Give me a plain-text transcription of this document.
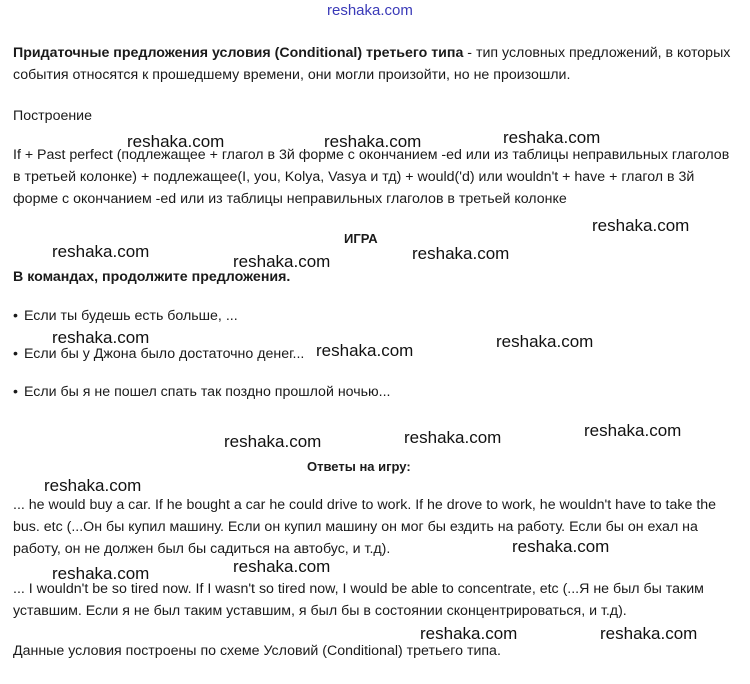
reshaka.com

Придаточные предложения условия (Conditional) третьего типа - тип условных предложений, в которых события относятся к прошедшему времени, они могли произойти, но не произошли.

Построение

If + Past perfect (подлежащее + глагол в 3й форме с окончанием -ed или из таблицы неправильных глаголов в третьей колонке) + подлежащее(I, you, Kolya, Vasya и тд) + would('d) или wouldn't + have + глагол в 3й форме с окончанием -ed или из таблицы неправильных глаголов в третьей колонке

ИГРА

В командах, продолжите предложения.

• Если ты будешь есть больше, ...

• Если бы у Джона было достаточно денег...

• Если бы я не пошел спать так поздно прошлой ночью...

Ответы на игру:

... he would buy a car. If he bought a car he could drive to work. If he drove to work, he wouldn't have to take the bus. etc (...Он бы купил машину. Если он купил машину он мог бы ездить на работу. Если бы он ехал на работу, он не должен был бы садиться на автобус, и т.д).

... I wouldn't be so tired now. If I wasn't so tired now, I would be able to concentrate, etc (...Я не был бы таким уставшим. Если я не был таким уставшим, я был бы в состоянии сконцентрироваться, и т.д).

Данные условия построены по схеме Условий (Conditional) третьего типа.

reshaka.com	reshaka.com	reshaka.com
reshaka.com
reshaka.com
reshaka.com	reshaka.com
reshaka.com
reshaka.com	reshaka.com
reshaka.com	reshaka.com	reshaka.com
reshaka.com
reshaka.com
reshaka.com
reshaka.com
reshaka.com	reshaka.com
